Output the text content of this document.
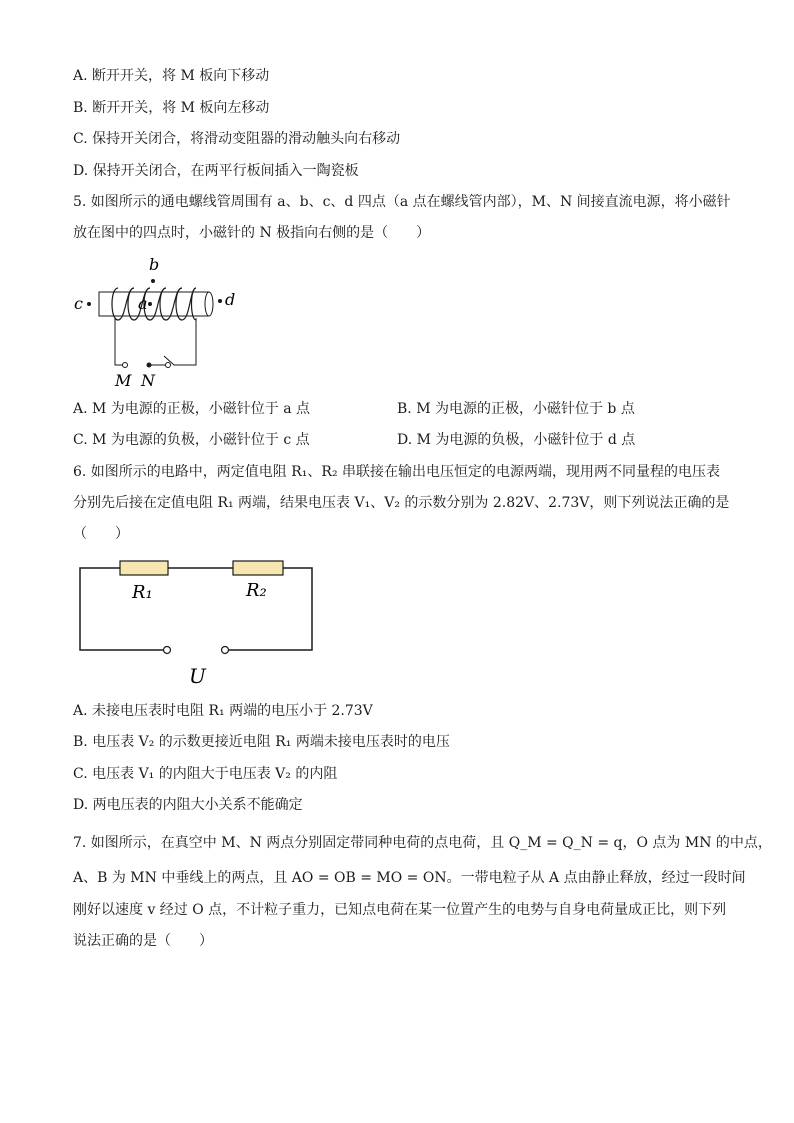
A. 断开开关，将 M 板向下移动
B. 断开开关，将 M 板向左移动
C. 保持开关闭合，将滑动变阻器的滑动触头向右移动
D. 保持开关闭合，在两平行板间插入一陶瓷板
5. 如图所示的通电螺线管周围有 a、b、c、d 四点（a 点在螺线管内部），M、N 间接直流电源，将小磁针
放在图中的四点时，小磁针的 N 极指向右侧的是（　　）
b
c	a	d
M N
A. M 为电源的正极，小磁针位于 a 点	B. M 为电源的正极，小磁针位于 b 点
C. M 为电源的负极，小磁针位于 c 点	D. M 为电源的负极，小磁针位于 d 点
6. 如图所示的电路中，两定值电阻 R₁、R₂ 串联接在输出电压恒定的电源两端，现用两不同量程的电压表
分别先后接在定值电阻 R₁ 两端，结果电压表 V₁、V₂ 的示数分别为 2.82V、2.73V，则下列说法正确的是
（　　）
R₁	R₂
U
A. 未接电压表时电阻 R₁ 两端的电压小于 2.73V
B. 电压表 V₂ 的示数更接近电阻 R₁ 两端未接电压表时的电压
C. 电压表 V₁ 的内阻大于电压表 V₂ 的内阻
D. 两电压表的内阻大小关系不能确定
7. 如图所示，在真空中 M、N 两点分别固定带同种电荷的点电荷，且 Q_M = Q_N = q，O 点为 MN 的中点，
A、B 为 MN 中垂线上的两点，且 AO = OB = MO = ON。一带电粒子从 A 点由静止释放，经过一段时间
刚好以速度 v 经过 O 点，不计粒子重力，已知点电荷在某一位置产生的电势与自身电荷量成正比，则下列
说法正确的是（　　）
